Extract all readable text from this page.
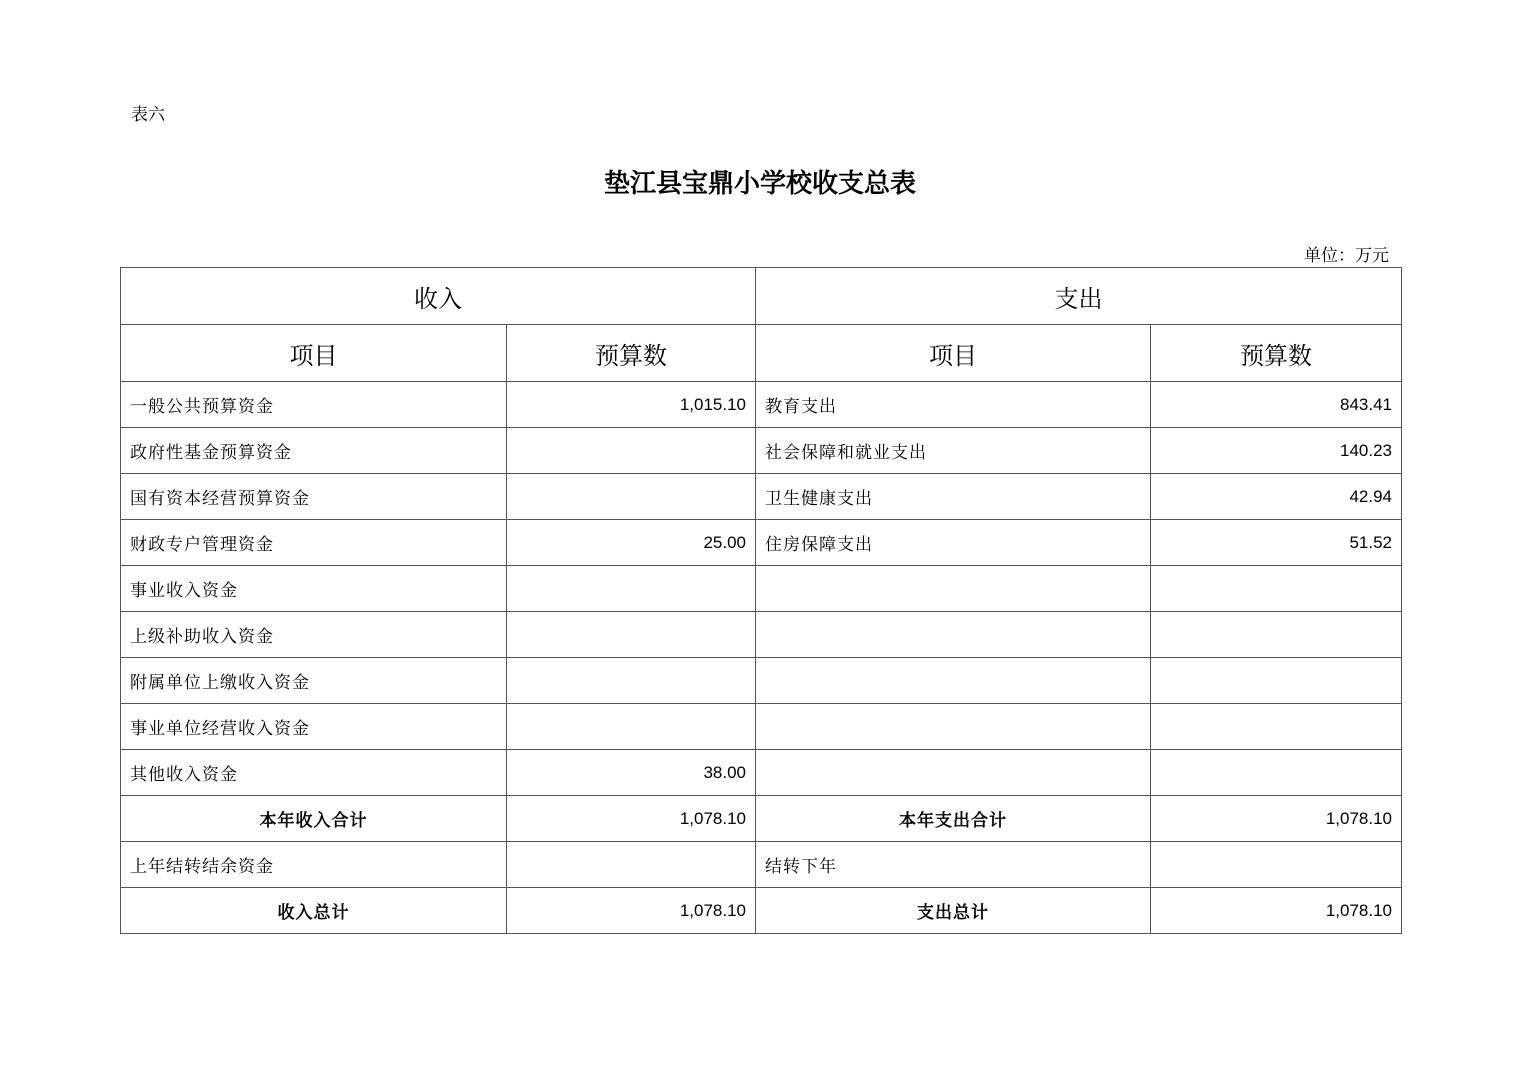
表六
垫江县宝鼎小学校收支总表
单位：万元
收入		支出	
项目	预算数	项目	预算数
一般公共预算资金	1,015.10	教育支出	843.41
政府性基金预算资金		社会保障和就业支出	140.23
国有资本经营预算资金		卫生健康支出	42.94
财政专户管理资金	25.00	住房保障支出	51.52
事业收入资金			
上级补助收入资金			
附属单位上缴收入资金			
事业单位经营收入资金			
其他收入资金	38.00		
本年收入合计	1,078.10	本年支出合计	1,078.10
上年结转结余资金		结转下年	
收入总计	1,078.10	支出总计	1,078.10
